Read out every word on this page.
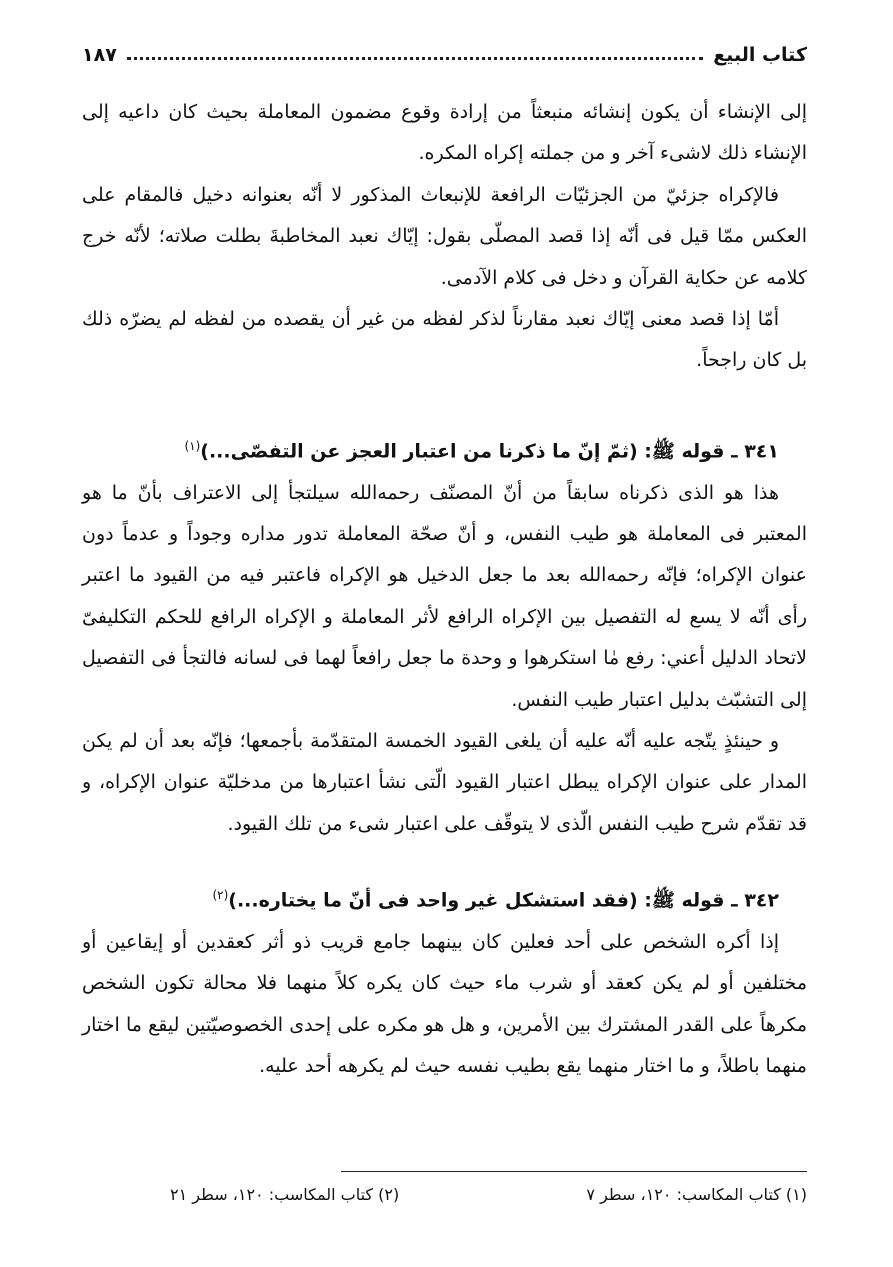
كتاب البيع
١٨٧

إلى الإنشاء أن يكون إنشائه منبعثاً من إرادة وقوع مضمون المعاملة بحيث كان داعيه إلى الإنشاء ذلك لاشىء آخر و من جملته إكراه المكره.

فالإكراه جزئيّ من الجزئيّات الرافعة للإنبعاث المذكور لا أنّه بعنوانه دخيل فالمقام على العكس ممّا قيل فى أنّه إذا قصد المصلّى بقول: إيّاك نعبد المخاطبةَ بطلت صلاته؛ لأنّه خرج كلامه عن حكاية القرآن و دخل فى كلام الآدمى.

أمّا إذا قصد معنى إيّاك نعبد مقارناً لذكر لفظه من غير أن يقصده من لفظه لم يضرّه ذلك بل كان راجحاً.

٣٤١ ـ قوله ﷺ: (ثمّ إنّ ما ذكرنا من اعتبار العجز عن التفصّى...)$^{(١)}$

هذا هو الذى ذكرناه سابقاً من أنّ المصنّف رحمه‌الله سيلتجأ إلى الاعتراف بأنّ ما هو المعتبر فى المعاملة هو طيب النفس، و أنّ صحّة المعاملة تدور مداره وجوداً و عدماً دون عنوان الإكراه؛ فإنّه رحمه‌الله بعد ما جعل الدخيل هو الإكراه فاعتبر فيه من القيود ما اعتبر رأى أنّه لا يسع له التفصيل بين الإكراه الرافع لأثر المعاملة و الإكراه الرافع للحكم التكليفىّ لاتحاد الدليل أعني: رفع مٰا استكرهوا و وحدة ما جعل رافعاً لهما فى لسانه فالتجأ فى التفصيل إلى التشبّث بدليل اعتبار طيب النفس.

و حينئذٍ يتّجه عليه أنّه عليه أن يلغى القيود الخمسة المتقدّمة بأجمعها؛ فإنّه بعد أن لم يكن المدار على عنوان الإكراه يبطل اعتبار القيود الّتى نشأ اعتبارها من مدخليّة عنوان الإكراه، و قد تقدّم شرح طيب النفس الّذى لا يتوقّف على اعتبار شىء من تلك القيود.

٣٤٢ ـ قوله ﷺ: (فقد استشكل غير واحد فى أنّ ما يختاره...)$^{(٢)}$

إذا أكره الشخص على أحد فعلين كان بينهما جامع قريب ذو أثر كعقدين أو إيقاعين أو مختلفين أو لم يكن كعقد أو شرب ماء حيث كان يكره كلاً منهما فلا محالة تكون الشخص مكرهاً على القدر المشترك بين الأمرين، و هل هو مكره على إحدى الخصوصيّتين ليقع ما اختار منهما باطلاً، و ما اختار منهما يقع بطيب نفسه حيث لم يكرهه أحد عليه.

(١) كتاب المكاسب: ١٢٠، سطر ٧
(٢) كتاب المكاسب: ١٢٠، سطر ٢١
